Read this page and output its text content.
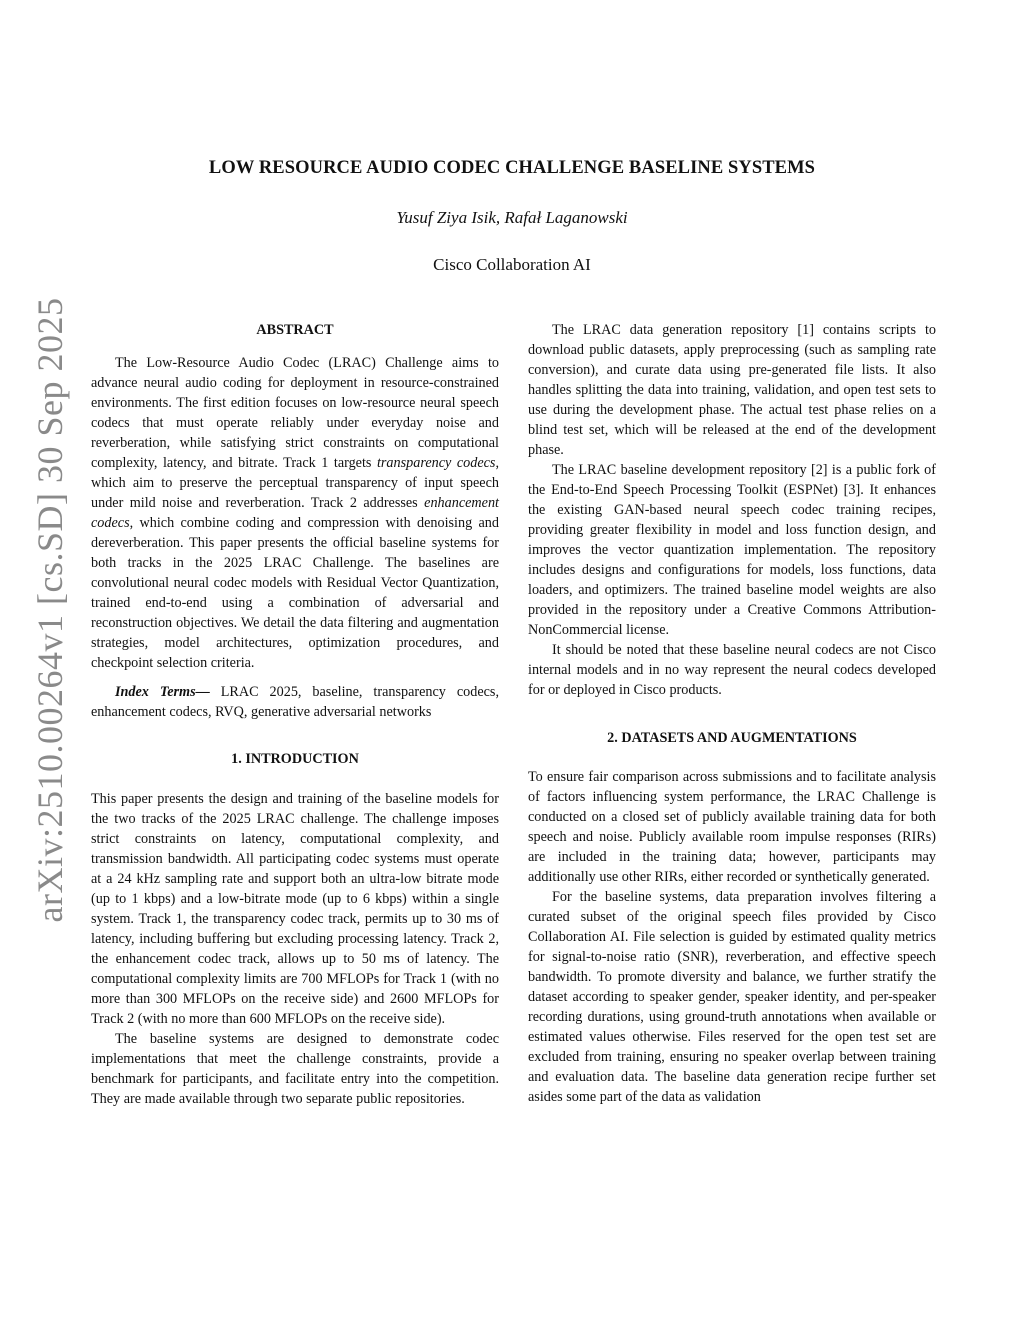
arXiv:2510.00264v1 [cs.SD] 30 Sep 2025
LOW RESOURCE AUDIO CODEC CHALLENGE BASELINE SYSTEMS
Yusuf Ziya Isik, Rafał Laganowski
Cisco Collaboration AI
ABSTRACT

The Low-Resource Audio Codec (LRAC) Challenge aims to advance neural audio coding for deployment in resource-constrained environments. The first edition focuses on low-resource neural speech codecs that must operate reliably under everyday noise and reverberation, while satisfying strict constraints on computational complexity, latency, and bitrate. Track 1 targets transparency codecs, which aim to preserve the perceptual transparency of input speech under mild noise and reverberation. Track 2 addresses enhancement codecs, which combine coding and compression with denoising and dereverberation. This paper presents the official baseline systems for both tracks in the 2025 LRAC Challenge. The baselines are convolutional neural codec models with Residual Vector Quantization, trained end-to-end using a combination of adversarial and reconstruction objectives. We detail the data filtering and augmentation strategies, model architectures, optimization procedures, and checkpoint selection criteria.

Index Terms— LRAC 2025, baseline, transparency codecs, enhancement codecs, RVQ, generative adversarial networks

1. INTRODUCTION

This paper presents the design and training of the baseline models for the two tracks of the 2025 LRAC challenge. The challenge imposes strict constraints on latency, computational complexity, and transmission bandwidth. All participating codec systems must operate at a 24 kHz sampling rate and support both an ultra-low bitrate mode (up to 1 kbps) and a low-bitrate mode (up to 6 kbps) within a single system. Track 1, the transparency codec track, permits up to 30 ms of latency, including buffering but excluding processing latency. Track 2, the enhancement codec track, allows up to 50 ms of latency. The computational complexity limits are 700 MFLOPs for Track 1 (with no more than 300 MFLOPs on the receive side) and 2600 MFLOPs for Track 2 (with no more than 600 MFLOPs on the receive side).

The baseline systems are designed to demonstrate codec implementations that meet the challenge constraints, provide a benchmark for participants, and facilitate entry into the competition. They are made available through two separate public repositories.

The LRAC data generation repository [1] contains scripts to download public datasets, apply preprocessing (such as sampling rate conversion), and curate data using pre-generated file lists. It also handles splitting the data into training, validation, and open test sets to use during the development phase. The actual test phase relies on a blind test set, which will be released at the end of the development phase.

The LRAC baseline development repository [2] is a public fork of the End-to-End Speech Processing Toolkit (ESPNet) [3]. It enhances the existing GAN-based neural speech codec training recipes, providing greater flexibility in model and loss function design, and improves the vector quantization implementation. The repository includes designs and configurations for models, loss functions, data loaders, and optimizers. The trained baseline model weights are also provided in the repository under a Creative Commons Attribution-NonCommercial license.

It should be noted that these baseline neural codecs are not Cisco internal models and in no way represent the neural codecs developed for or deployed in Cisco products.

2. DATASETS AND AUGMENTATIONS

To ensure fair comparison across submissions and to facilitate analysis of factors influencing system performance, the LRAC Challenge is conducted on a closed set of publicly available training data for both speech and noise. Publicly available room impulse responses (RIRs) are included in the training data; however, participants may additionally use other RIRs, either recorded or synthetically generated.

For the baseline systems, data preparation involves filtering a curated subset of the original speech files provided by Cisco Collaboration AI. File selection is guided by estimated quality metrics for signal-to-noise ratio (SNR), reverberation, and effective speech bandwidth. To promote diversity and balance, we further stratify the dataset according to speaker gender, speaker identity, and per-speaker recording durations, using ground-truth annotations when available or estimated values otherwise. Files reserved for the open test set are excluded from training, ensuring no speaker overlap between training and evaluation data. The baseline data generation recipe further set asides some part of the data as validation
